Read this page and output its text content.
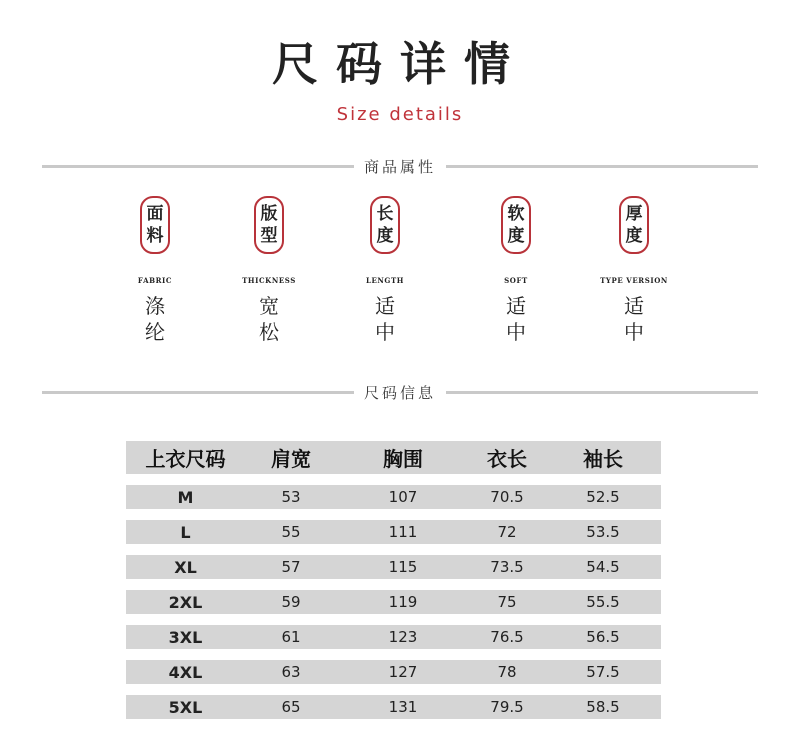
尺码详情
Size details
商品属性
面
料
FABRIC
涤
纶
版
型
THICKNESS
宽
松
长
度
LENGTH
适
中
软
度
SOFT
适
中
厚
度
TYPE VERSION
适
中
尺码信息
上衣尺码	肩宽	胸围	衣长	袖长
M	53	107	70.5	52.5
L	55	111	72	53.5
XL	57	115	73.5	54.5
2XL	59	119	75	55.5
3XL	61	123	76.5	56.5
4XL	63	127	78	57.5
5XL	65	131	79.5	58.5
